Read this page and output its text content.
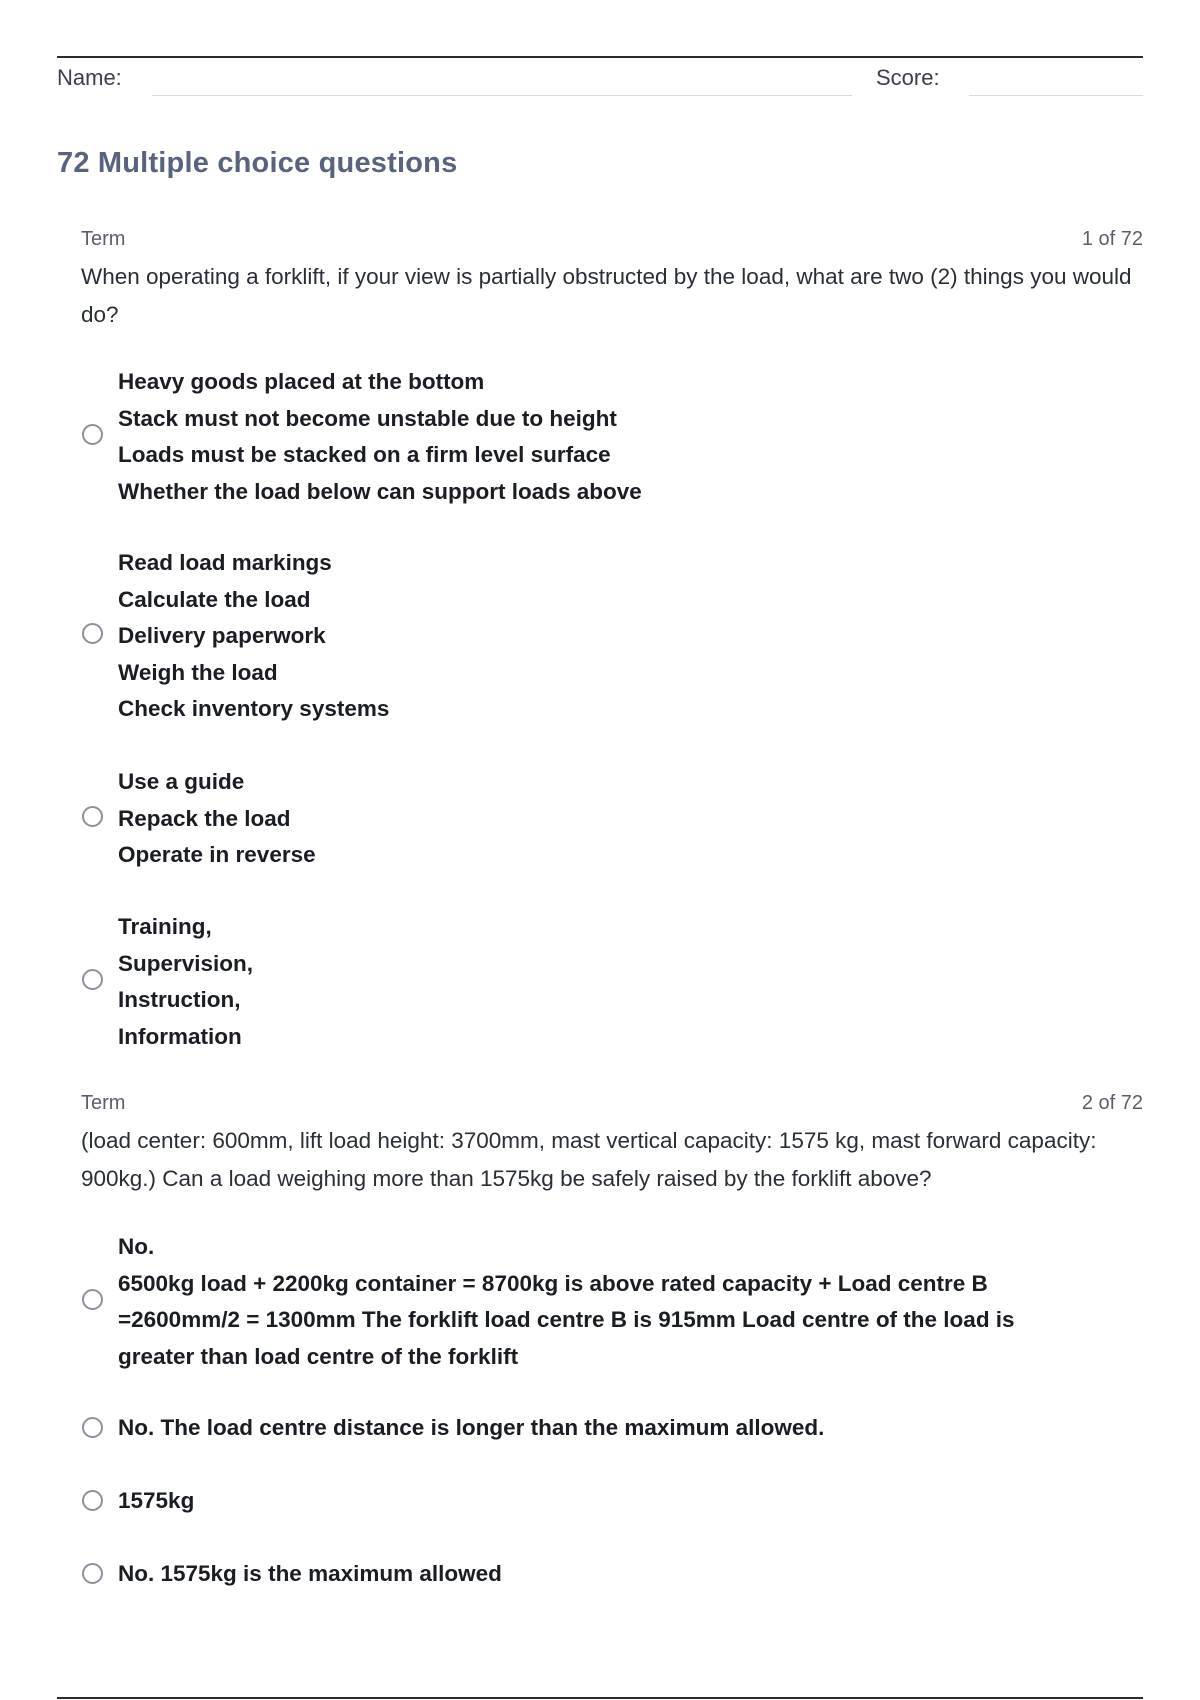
Name:	Score:
72 Multiple choice questions
Term	1 of 72
When operating a forklift, if your view is partially obstructed by the load, what are two (2) things you would do?
Heavy goods placed at the bottom
Stack must not become unstable due to height
Loads must be stacked on a firm level surface
Whether the load below can support loads above
Read load markings
Calculate the load
Delivery paperwork
Weigh the load
Check inventory systems
Use a guide
Repack the load
Operate in reverse
Training,
Supervision,
Instruction,
Information
Term	2 of 72
(load center: 600mm, lift load height: 3700mm, mast vertical capacity: 1575 kg, mast forward capacity: 900kg.) Can a load weighing more than 1575kg be safely raised by the forklift above?
No.
6500kg load + 2200kg container = 8700kg is above rated capacity + Load centre B
=2600mm/2 = 1300mm The forklift load centre B is 915mm Load centre of the load is
greater than load centre of the forklift
No. The load centre distance is longer than the maximum allowed.
1575kg
No. 1575kg is the maximum allowed
